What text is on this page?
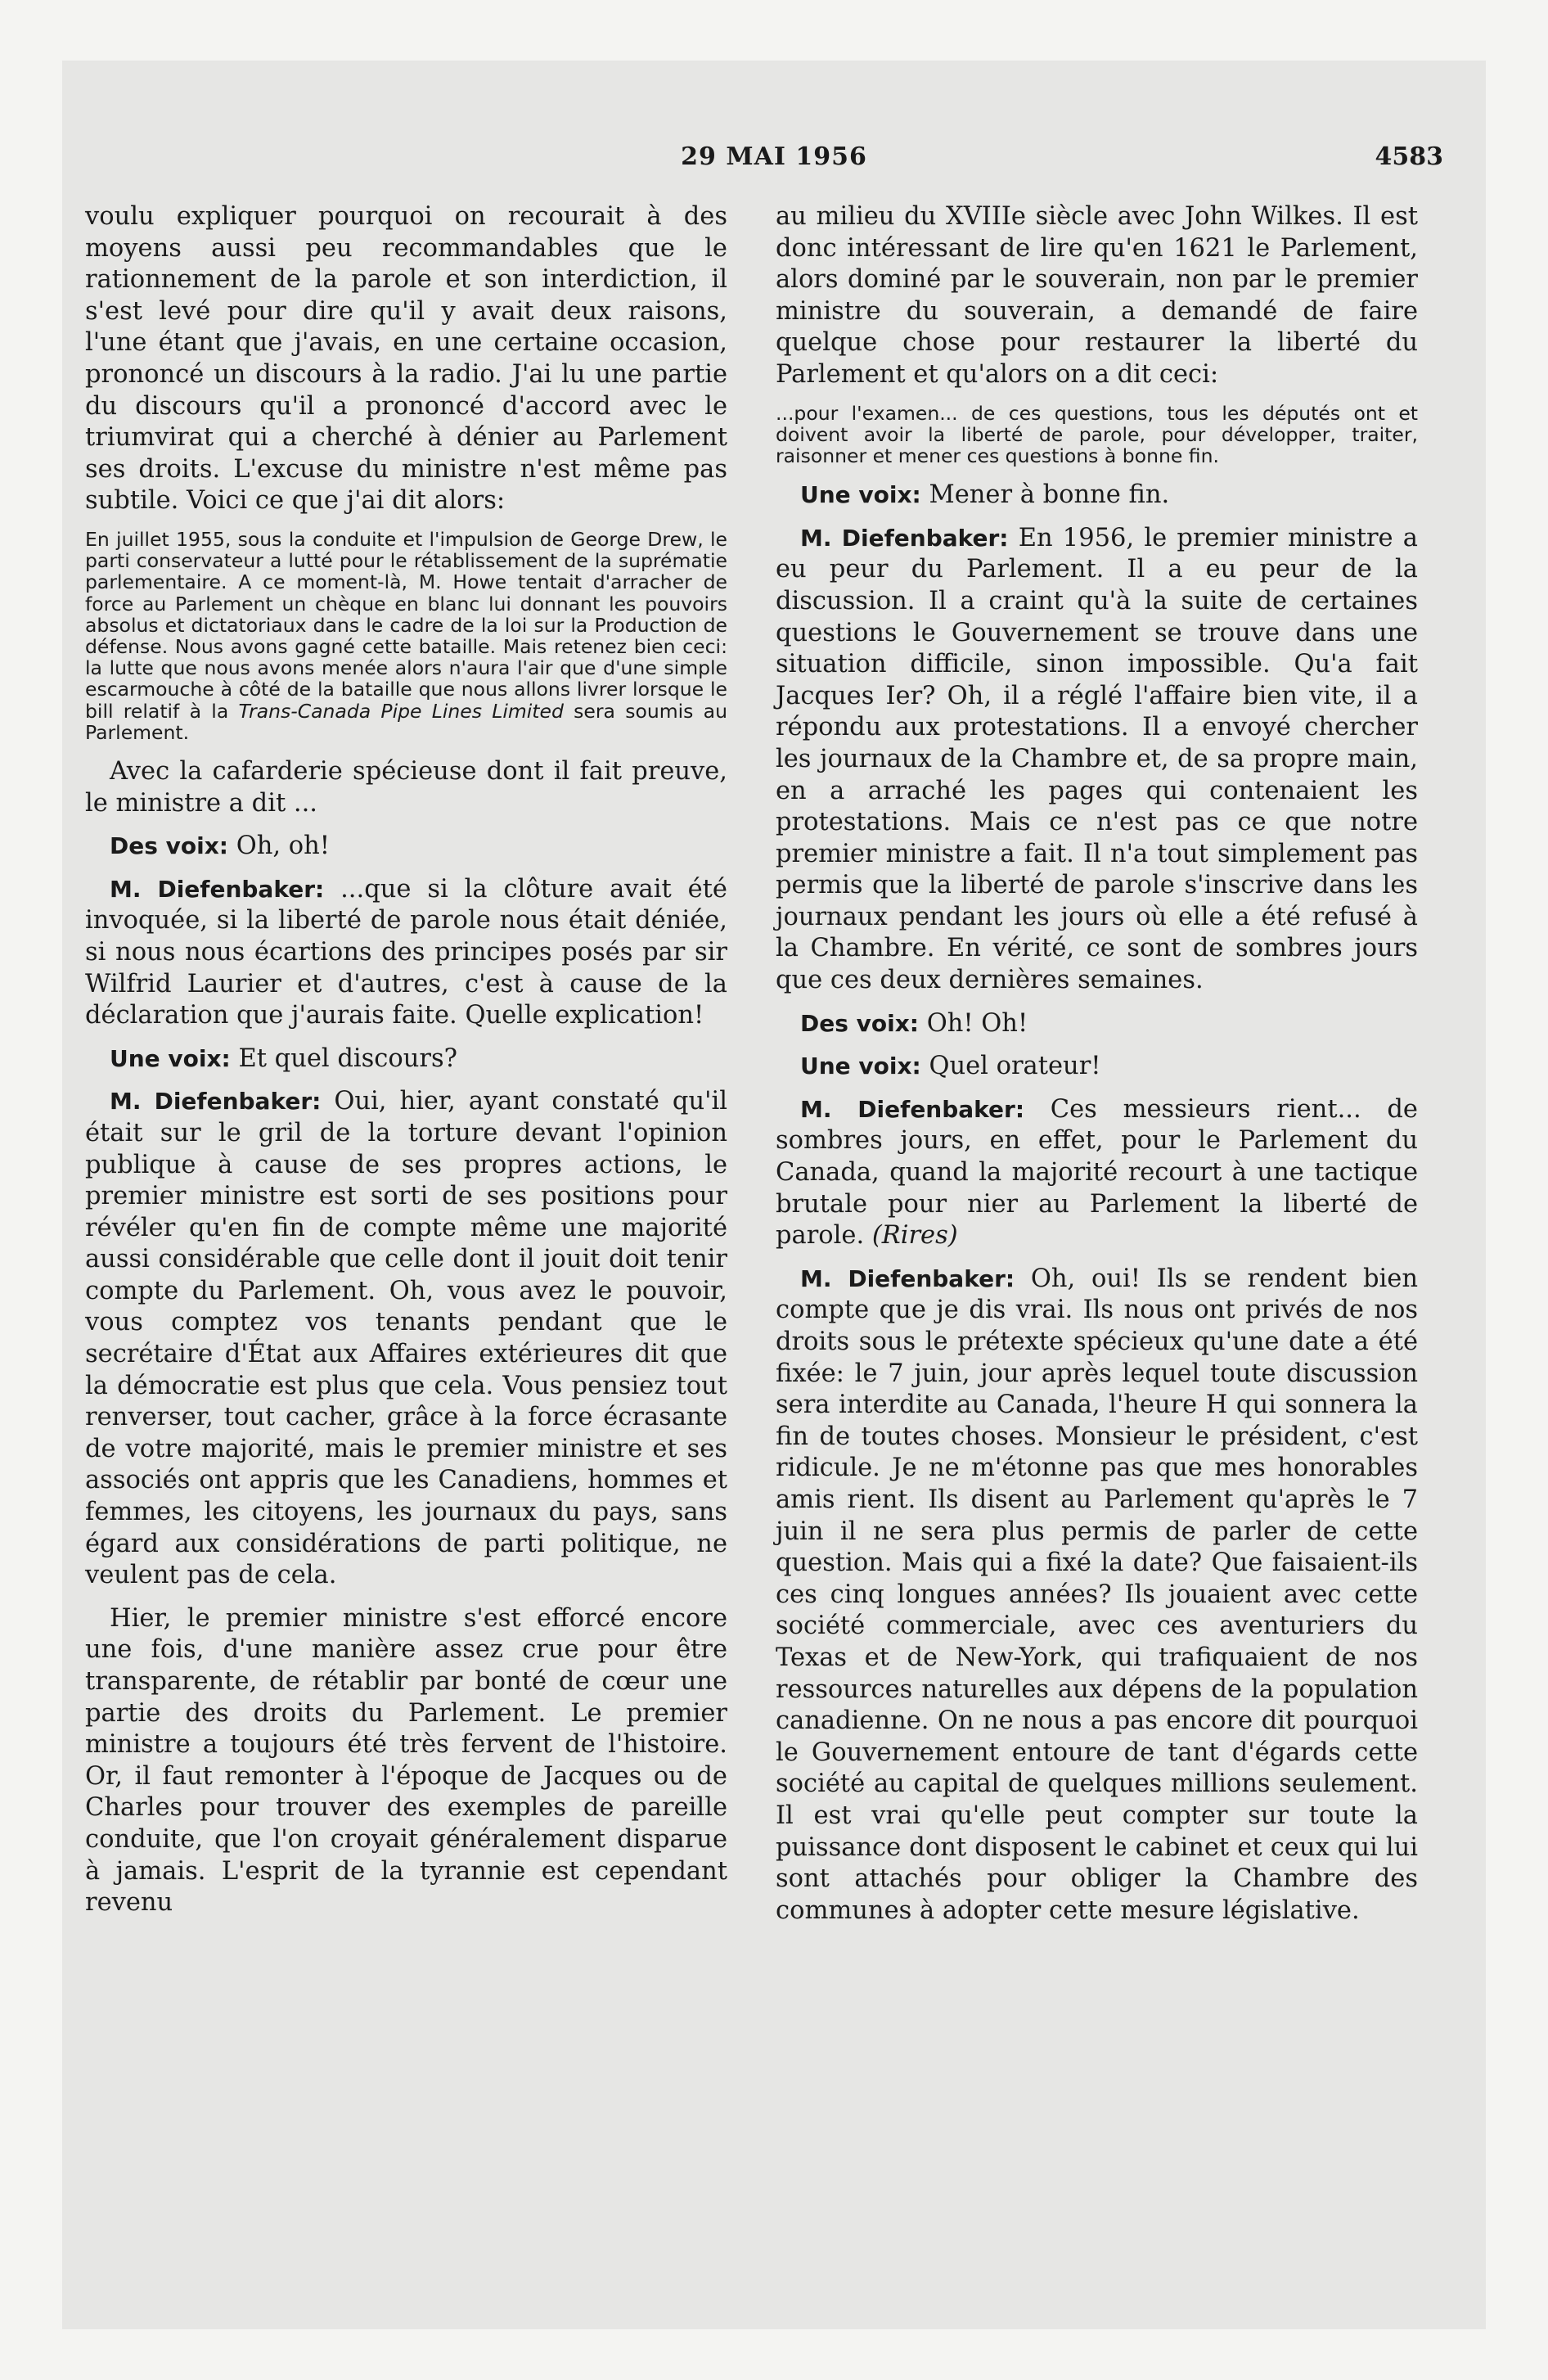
29 MAI 1956	4583

voulu expliquer pourquoi on recourait à des moyens aussi peu recommandables que le rationnement de la parole et son interdiction, il s'est levé pour dire qu'il y avait deux raisons, l'une étant que j'avais, en une certaine occasion, prononcé un discours à la radio. J'ai lu une partie du discours qu'il a prononcé d'accord avec le triumvirat qui a cherché à dénier au Parlement ses droits. L'excuse du ministre n'est même pas subtile. Voici ce que j'ai dit alors:

En juillet 1955, sous la conduite et l'impulsion de George Drew, le parti conservateur a lutté pour le rétablissement de la suprématie parlementaire. A ce moment-là, M. Howe tentait d'arracher de force au Parlement un chèque en blanc lui donnant les pouvoirs absolus et dictatoriaux dans le cadre de la loi sur la Production de défense. Nous avons gagné cette bataille. Mais retenez bien ceci: la lutte que nous avons menée alors n'aura l'air que d'une simple escarmouche à côté de la bataille que nous allons livrer lorsque le bill relatif à la Trans-Canada Pipe Lines Limited sera soumis au Parlement.

Avec la cafarderie spécieuse dont il fait preuve, le ministre a dit ...

Des voix: Oh, oh!

M. Diefenbaker: ...que si la clôture avait été invoquée, si la liberté de parole nous était déniée, si nous nous écartions des principes posés par sir Wilfrid Laurier et d'autres, c'est à cause de la déclaration que j'aurais faite. Quelle explication!

Une voix: Et quel discours?

M. Diefenbaker: Oui, hier, ayant constaté qu'il était sur le gril de la torture devant l'opinion publique à cause de ses propres actions, le premier ministre est sorti de ses positions pour révéler qu'en fin de compte même une majorité aussi considérable que celle dont il jouit doit tenir compte du Parlement. Oh, vous avez le pouvoir, vous comptez vos tenants pendant que le secrétaire d'État aux Affaires extérieures dit que la démocratie est plus que cela. Vous pensiez tout renverser, tout cacher, grâce à la force écrasante de votre majorité, mais le premier ministre et ses associés ont appris que les Canadiens, hommes et femmes, les citoyens, les journaux du pays, sans égard aux considérations de parti politique, ne veulent pas de cela.

Hier, le premier ministre s'est efforcé encore une fois, d'une manière assez crue pour être transparente, de rétablir par bonté de cœur une partie des droits du Parlement. Le premier ministre a toujours été très fervent de l'histoire. Or, il faut remonter à l'époque de Jacques ou de Charles pour trouver des exemples de pareille conduite, que l'on croyait généralement disparue à jamais. L'esprit de la tyrannie est cependant revenu

au milieu du XVIIIe siècle avec John Wilkes. Il est donc intéressant de lire qu'en 1621 le Parlement, alors dominé par le souverain, non par le premier ministre du souverain, a demandé de faire quelque chose pour restaurer la liberté du Parlement et qu'alors on a dit ceci:

...pour l'examen... de ces questions, tous les députés ont et doivent avoir la liberté de parole, pour développer, traiter, raisonner et mener ces questions à bonne fin.

Une voix: Mener à bonne fin.

M. Diefenbaker: En 1956, le premier ministre a eu peur du Parlement. Il a eu peur de la discussion. Il a craint qu'à la suite de certaines questions le Gouvernement se trouve dans une situation difficile, sinon impossible. Qu'a fait Jacques Ier? Oh, il a réglé l'affaire bien vite, il a répondu aux protestations. Il a envoyé chercher les journaux de la Chambre et, de sa propre main, en a arraché les pages qui contenaient les protestations. Mais ce n'est pas ce que notre premier ministre a fait. Il n'a tout simplement pas permis que la liberté de parole s'inscrive dans les journaux pendant les jours où elle a été refusé à la Chambre. En vérité, ce sont de sombres jours que ces deux dernières semaines.

Des voix: Oh! Oh!

Une voix: Quel orateur!

M. Diefenbaker: Ces messieurs rient... de sombres jours, en effet, pour le Parlement du Canada, quand la majorité recourt à une tactique brutale pour nier au Parlement la liberté de parole. (Rires)

M. Diefenbaker: Oh, oui! Ils se rendent bien compte que je dis vrai. Ils nous ont privés de nos droits sous le prétexte spécieux qu'une date a été fixée: le 7 juin, jour après lequel toute discussion sera interdite au Canada, l'heure H qui sonnera la fin de toutes choses. Monsieur le président, c'est ridicule. Je ne m'étonne pas que mes honorables amis rient. Ils disent au Parlement qu'après le 7 juin il ne sera plus permis de parler de cette question. Mais qui a fixé la date? Que faisaient-ils ces cinq longues années? Ils jouaient avec cette société commerciale, avec ces aventuriers du Texas et de New-York, qui trafiquaient de nos ressources naturelles aux dépens de la population canadienne. On ne nous a pas encore dit pourquoi le Gouvernement entoure de tant d'égards cette société au capital de quelques millions seulement. Il est vrai qu'elle peut compter sur toute la puissance dont disposent le cabinet et ceux qui lui sont attachés pour obliger la Chambre des communes à adopter cette mesure législative.
